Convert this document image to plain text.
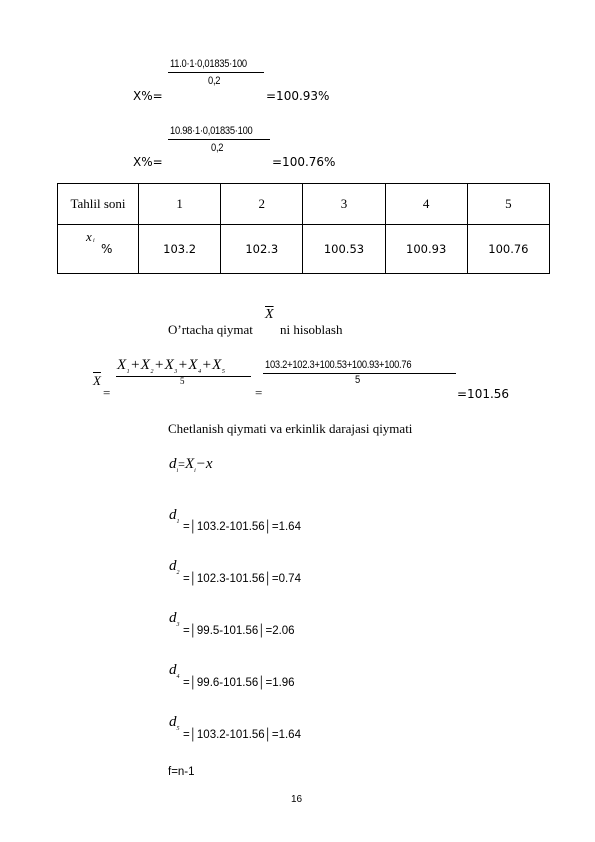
11.0·1·0,01835·100
0,2
X%=	=100.93%
10.98·1·0,01835·100
0,2
X%=	=100.76%
Tahlil soni	1	2	3	4	5

x i
%	103.2	102.3	100.53	100.93	100.76
O’rtacha qiymat
$\overline{X}$
ni hisoblash
$\overline{X}$
=
$X_1+X_2+X_3+X_4+X_5$
5
=
103.2+102.3+100.53+100.93+100.76
5
=101.56
Chetlanish qiymati va erkinlik darajasi qiymati
$d_i=X_i-x$
$d_1$ =│103.2-101.56│=1.64
$d_2$ =│102.3-101.56│=0.74
$d_3$ =│99.5-101.56│=2.06
$d_4$ =│99.6-101.56│=1.96
$d_5$ =│103.2-101.56│=1.64
f=n-1
16
